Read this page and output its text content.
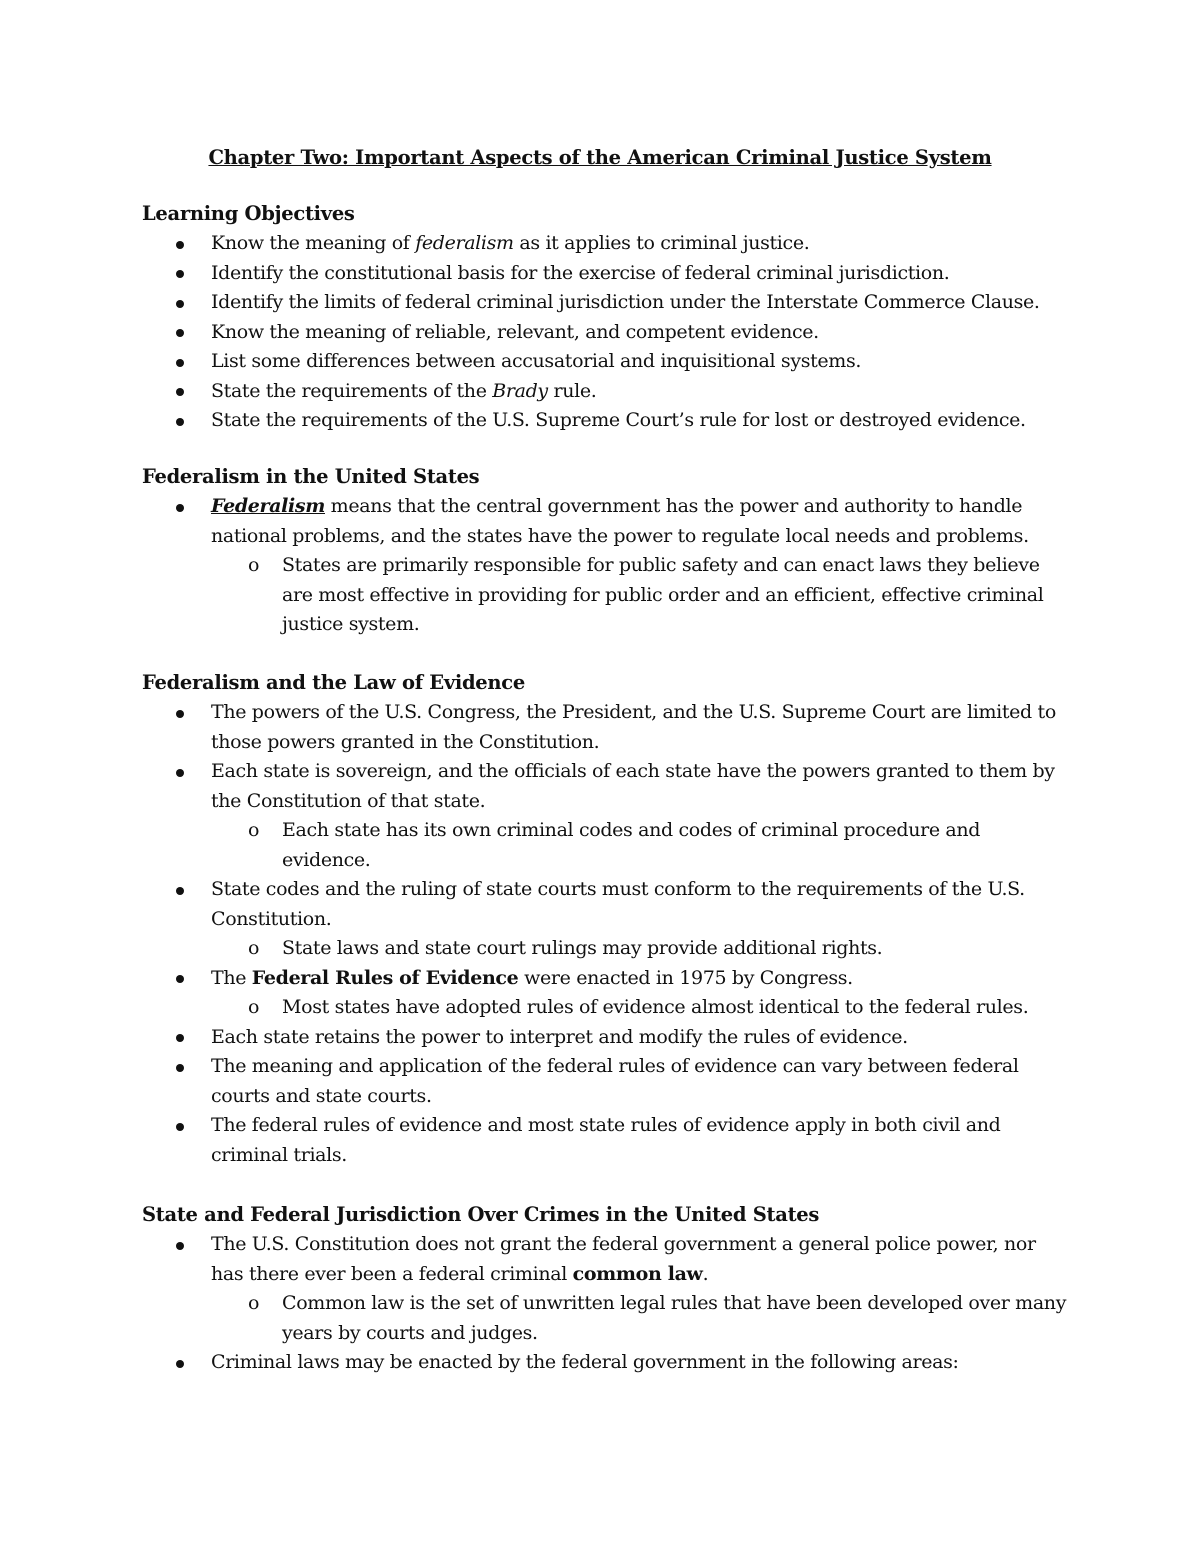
Chapter Two: Important Aspects of the American Criminal Justice System
Learning Objectives
Know the meaning of federalism as it applies to criminal justice.
Identify the constitutional basis for the exercise of federal criminal jurisdiction.
Identify the limits of federal criminal jurisdiction under the Interstate Commerce Clause.
Know the meaning of reliable, relevant, and competent evidence.
List some differences between accusatorial and inquisitional systems.
State the requirements of the Brady rule.
State the requirements of the U.S. Supreme Court’s rule for lost or destroyed evidence.
Federalism in the United States
Federalism means that the central government has the power and authority to handle national problems, and the states have the power to regulate local needs and problems.
o States are primarily responsible for public safety and can enact laws they believe are most effective in providing for public order and an efficient, effective criminal justice system.
Federalism and the Law of Evidence
The powers of the U.S. Congress, the President, and the U.S. Supreme Court are limited to those powers granted in the Constitution.
Each state is sovereign, and the officials of each state have the powers granted to them by the Constitution of that state.
o Each state has its own criminal codes and codes of criminal procedure and evidence.
State codes and the ruling of state courts must conform to the requirements of the U.S. Constitution.
o State laws and state court rulings may provide additional rights.
The Federal Rules of Evidence were enacted in 1975 by Congress.
o Most states have adopted rules of evidence almost identical to the federal rules.
Each state retains the power to interpret and modify the rules of evidence.
The meaning and application of the federal rules of evidence can vary between federal courts and state courts.
The federal rules of evidence and most state rules of evidence apply in both civil and criminal trials.
State and Federal Jurisdiction Over Crimes in the United States
The U.S. Constitution does not grant the federal government a general police power, nor has there ever been a federal criminal common law.
o Common law is the set of unwritten legal rules that have been developed over many years by courts and judges.
Criminal laws may be enacted by the federal government in the following areas:
